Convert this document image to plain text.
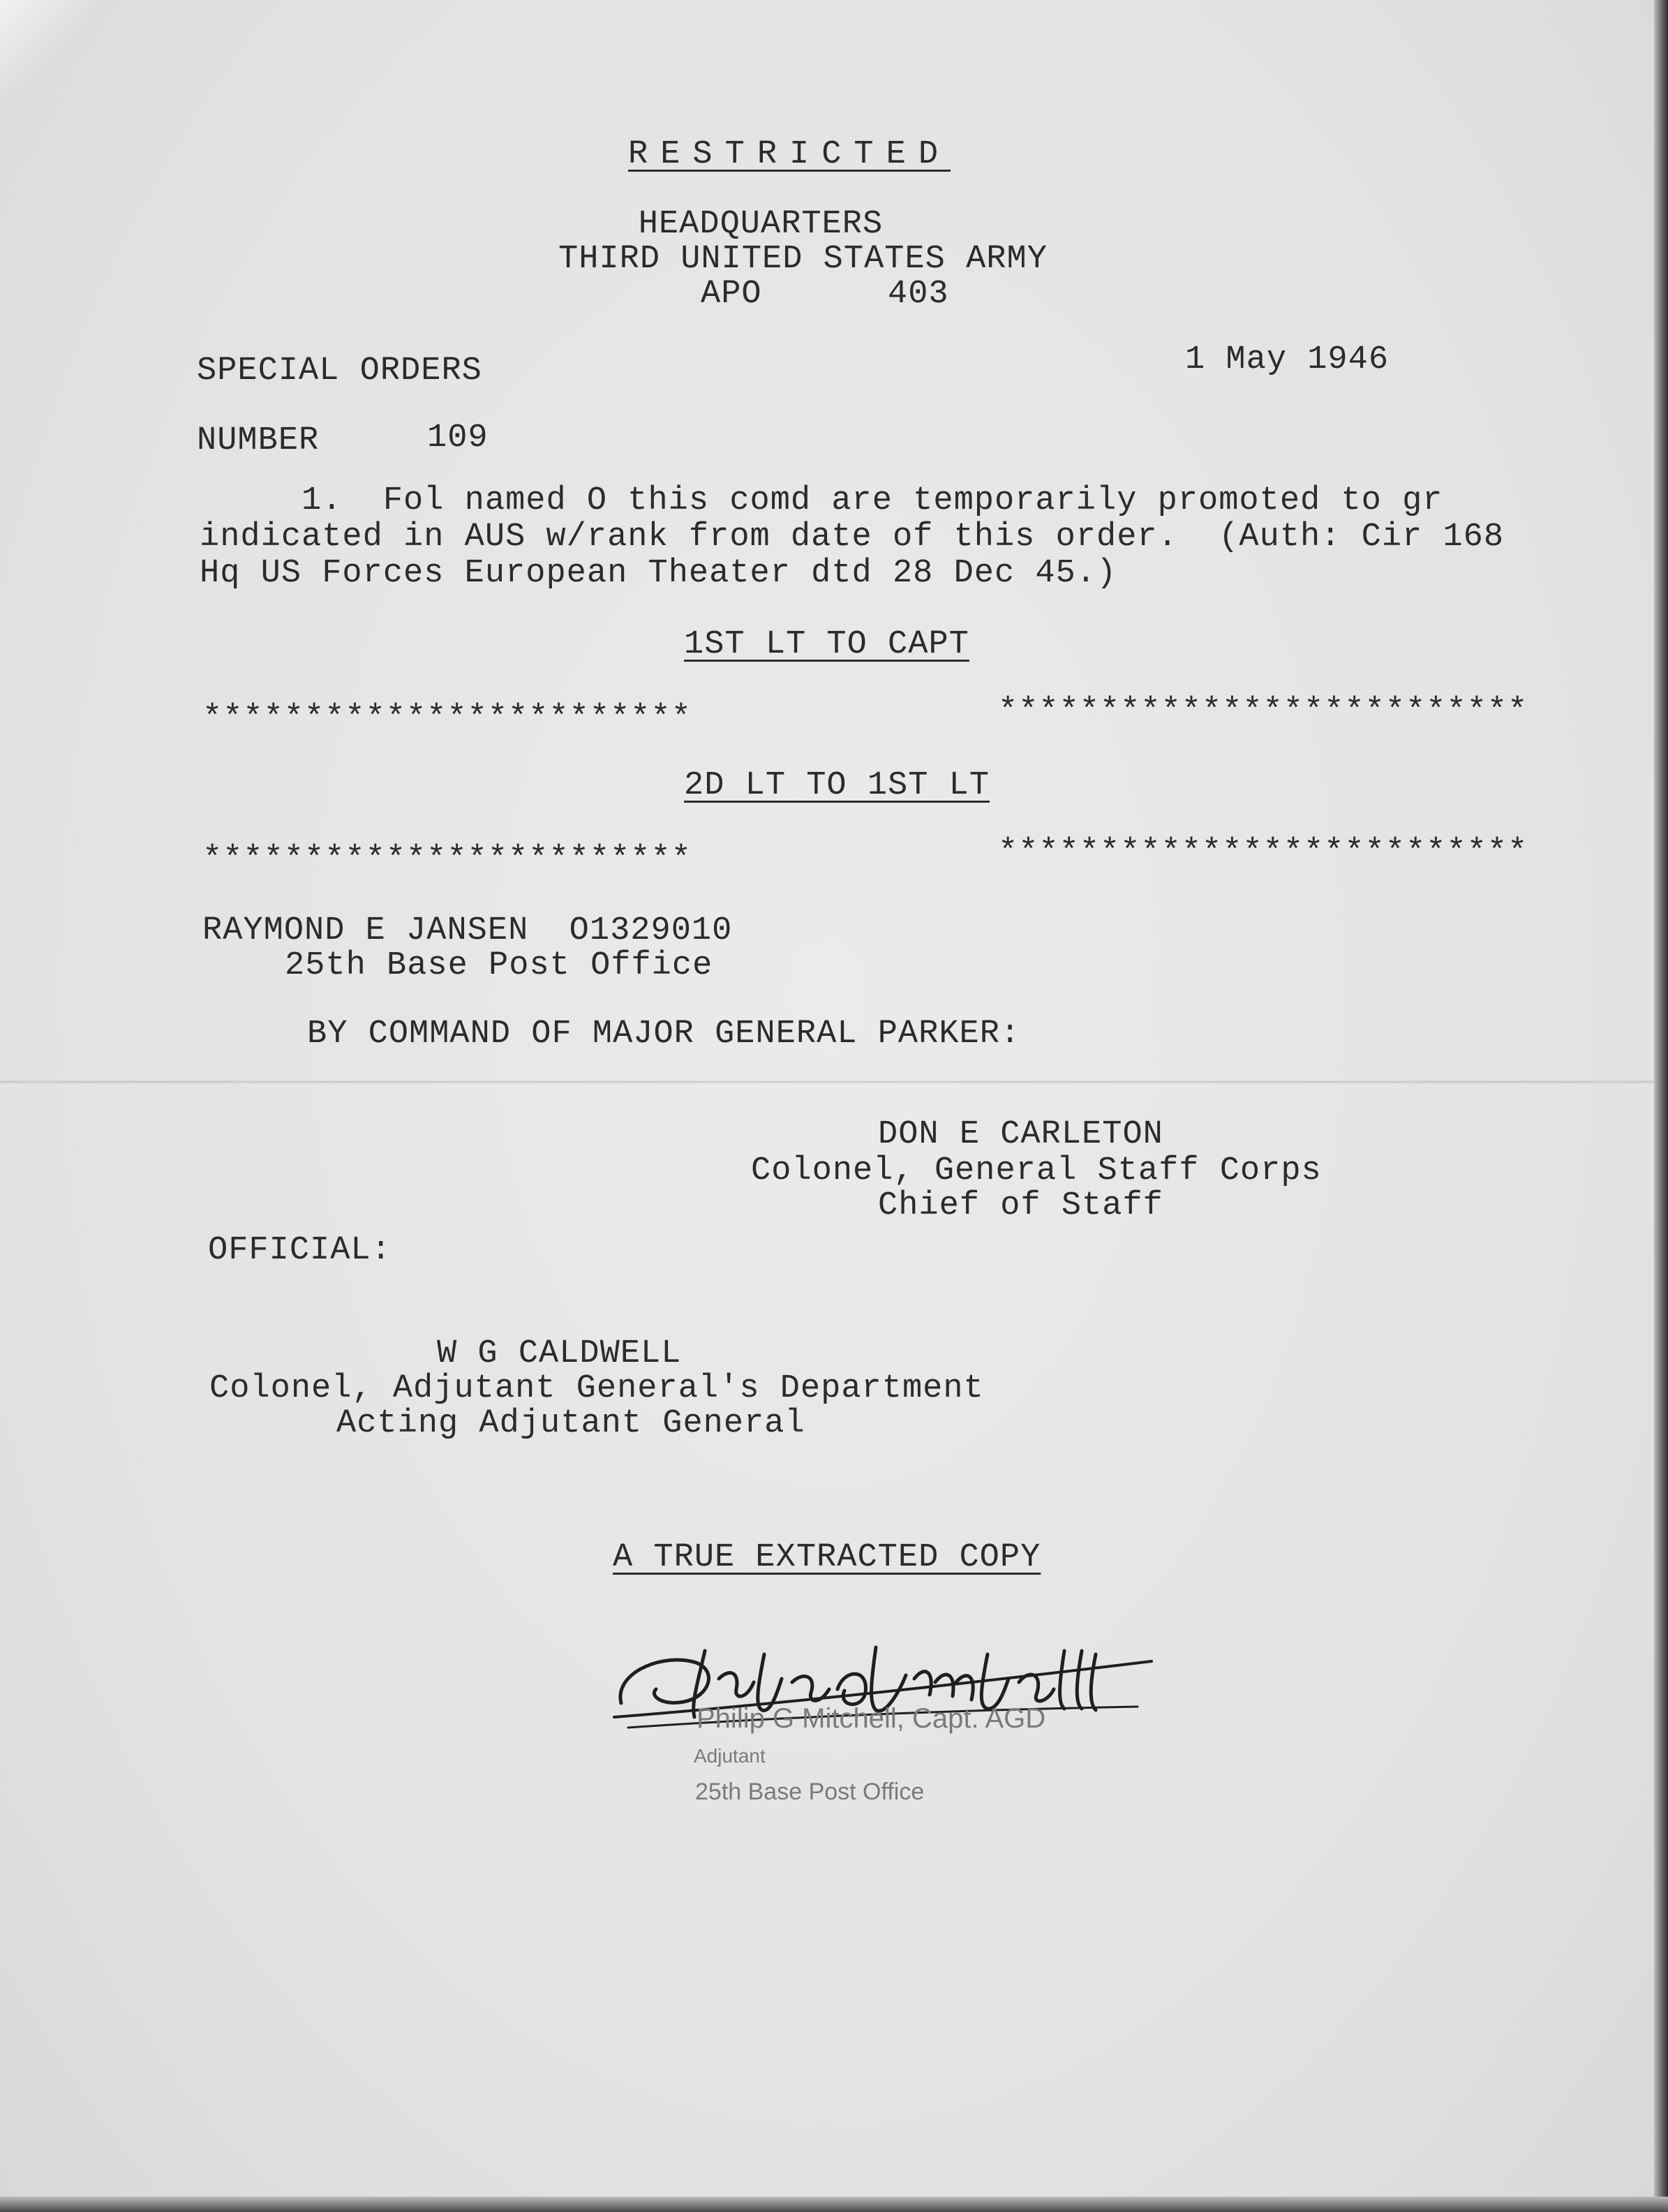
RESTRICTED
HEADQUARTERS
THIRD UNITED STATES ARMY
APO	403
SPECIAL ORDERS	1 May 1946
NUMBER	109
1.  Fol named O this comd are temporarily promoted to gr
indicated in AUS w/rank from date of this order.  (Auth: Cir 168
Hq US Forces European Theater dtd 28 Dec 45.)
1ST LT TO CAPT
************************	**************************
2D LT TO 1ST LT
************************	**************************
RAYMOND E JANSEN  O1329010
25th Base Post Office
BY COMMAND OF MAJOR GENERAL PARKER:
DON E CARLETON
Colonel, General Staff Corps
Chief of Staff
OFFICIAL:
W G CALDWELL
Colonel, Adjutant General's Department
Acting Adjutant General
A TRUE EXTRACTED COPY
Philip G Mitchell, Capt. AGD
Adjutant
25th Base Post Office
